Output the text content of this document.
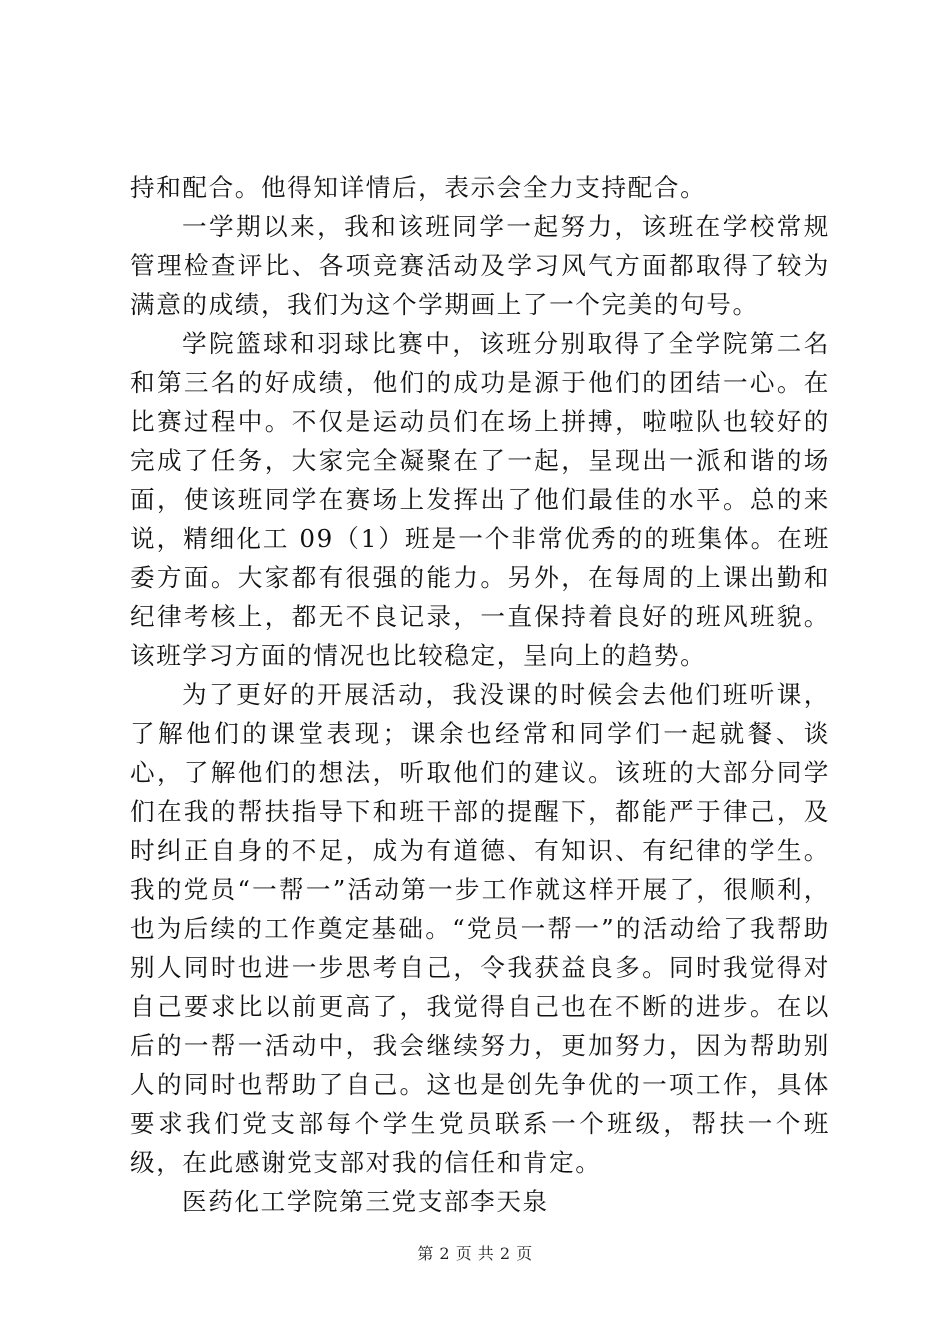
持和配合。他得知详情后，表示会全力支持配合。

一学期以来，我和该班同学一起努力，该班在学校常规管理检查评比、各项竞赛活动及学习风气方面都取得了较为满意的成绩，我们为这个学期画上了一个完美的句号。

学院篮球和羽球比赛中，该班分别取得了全学院第二名和第三名的好成绩，他们的成功是源于他们的团结一心。在比赛过程中。不仅是运动员们在场上拼搏，啦啦队也较好的完成了任务，大家完全凝聚在了一起，呈现出一派和谐的场面，使该班同学在赛场上发挥出了他们最佳的水平。总的来说，精细化工 09（1）班是一个非常优秀的的班集体。在班委方面。大家都有很强的能力。另外，在每周的上课出勤和纪律考核上，都无不良记录，一直保持着良好的班风班貌。该班学习方面的情况也比较稳定，呈向上的趋势。

为了更好的开展活动，我没课的时候会去他们班听课，了解他们的课堂表现；课余也经常和同学们一起就餐、谈心，了解他们的想法，听取他们的建议。该班的大部分同学们在我的帮扶指导下和班干部的提醒下，都能严于律己，及时纠正自身的不足，成为有道德、有知识、有纪律的学生。我的党员“一帮一”活动第一步工作就这样开展了，很顺利，也为后续的工作奠定基础。“党员一帮一”的活动给了我帮助别人同时也进一步思考自己，令我获益良多。同时我觉得对自己要求比以前更高了，我觉得自己也在不断的进步。在以后的一帮一活动中，我会继续努力，更加努力，因为帮助别人的同时也帮助了自己。这也是创先争优的一项工作，具体要求我们党支部每个学生党员联系一个班级，帮扶一个班级，在此感谢党支部对我的信任和肯定。

医药化工学院第三党支部李天泉

第 2 页 共 2 页
